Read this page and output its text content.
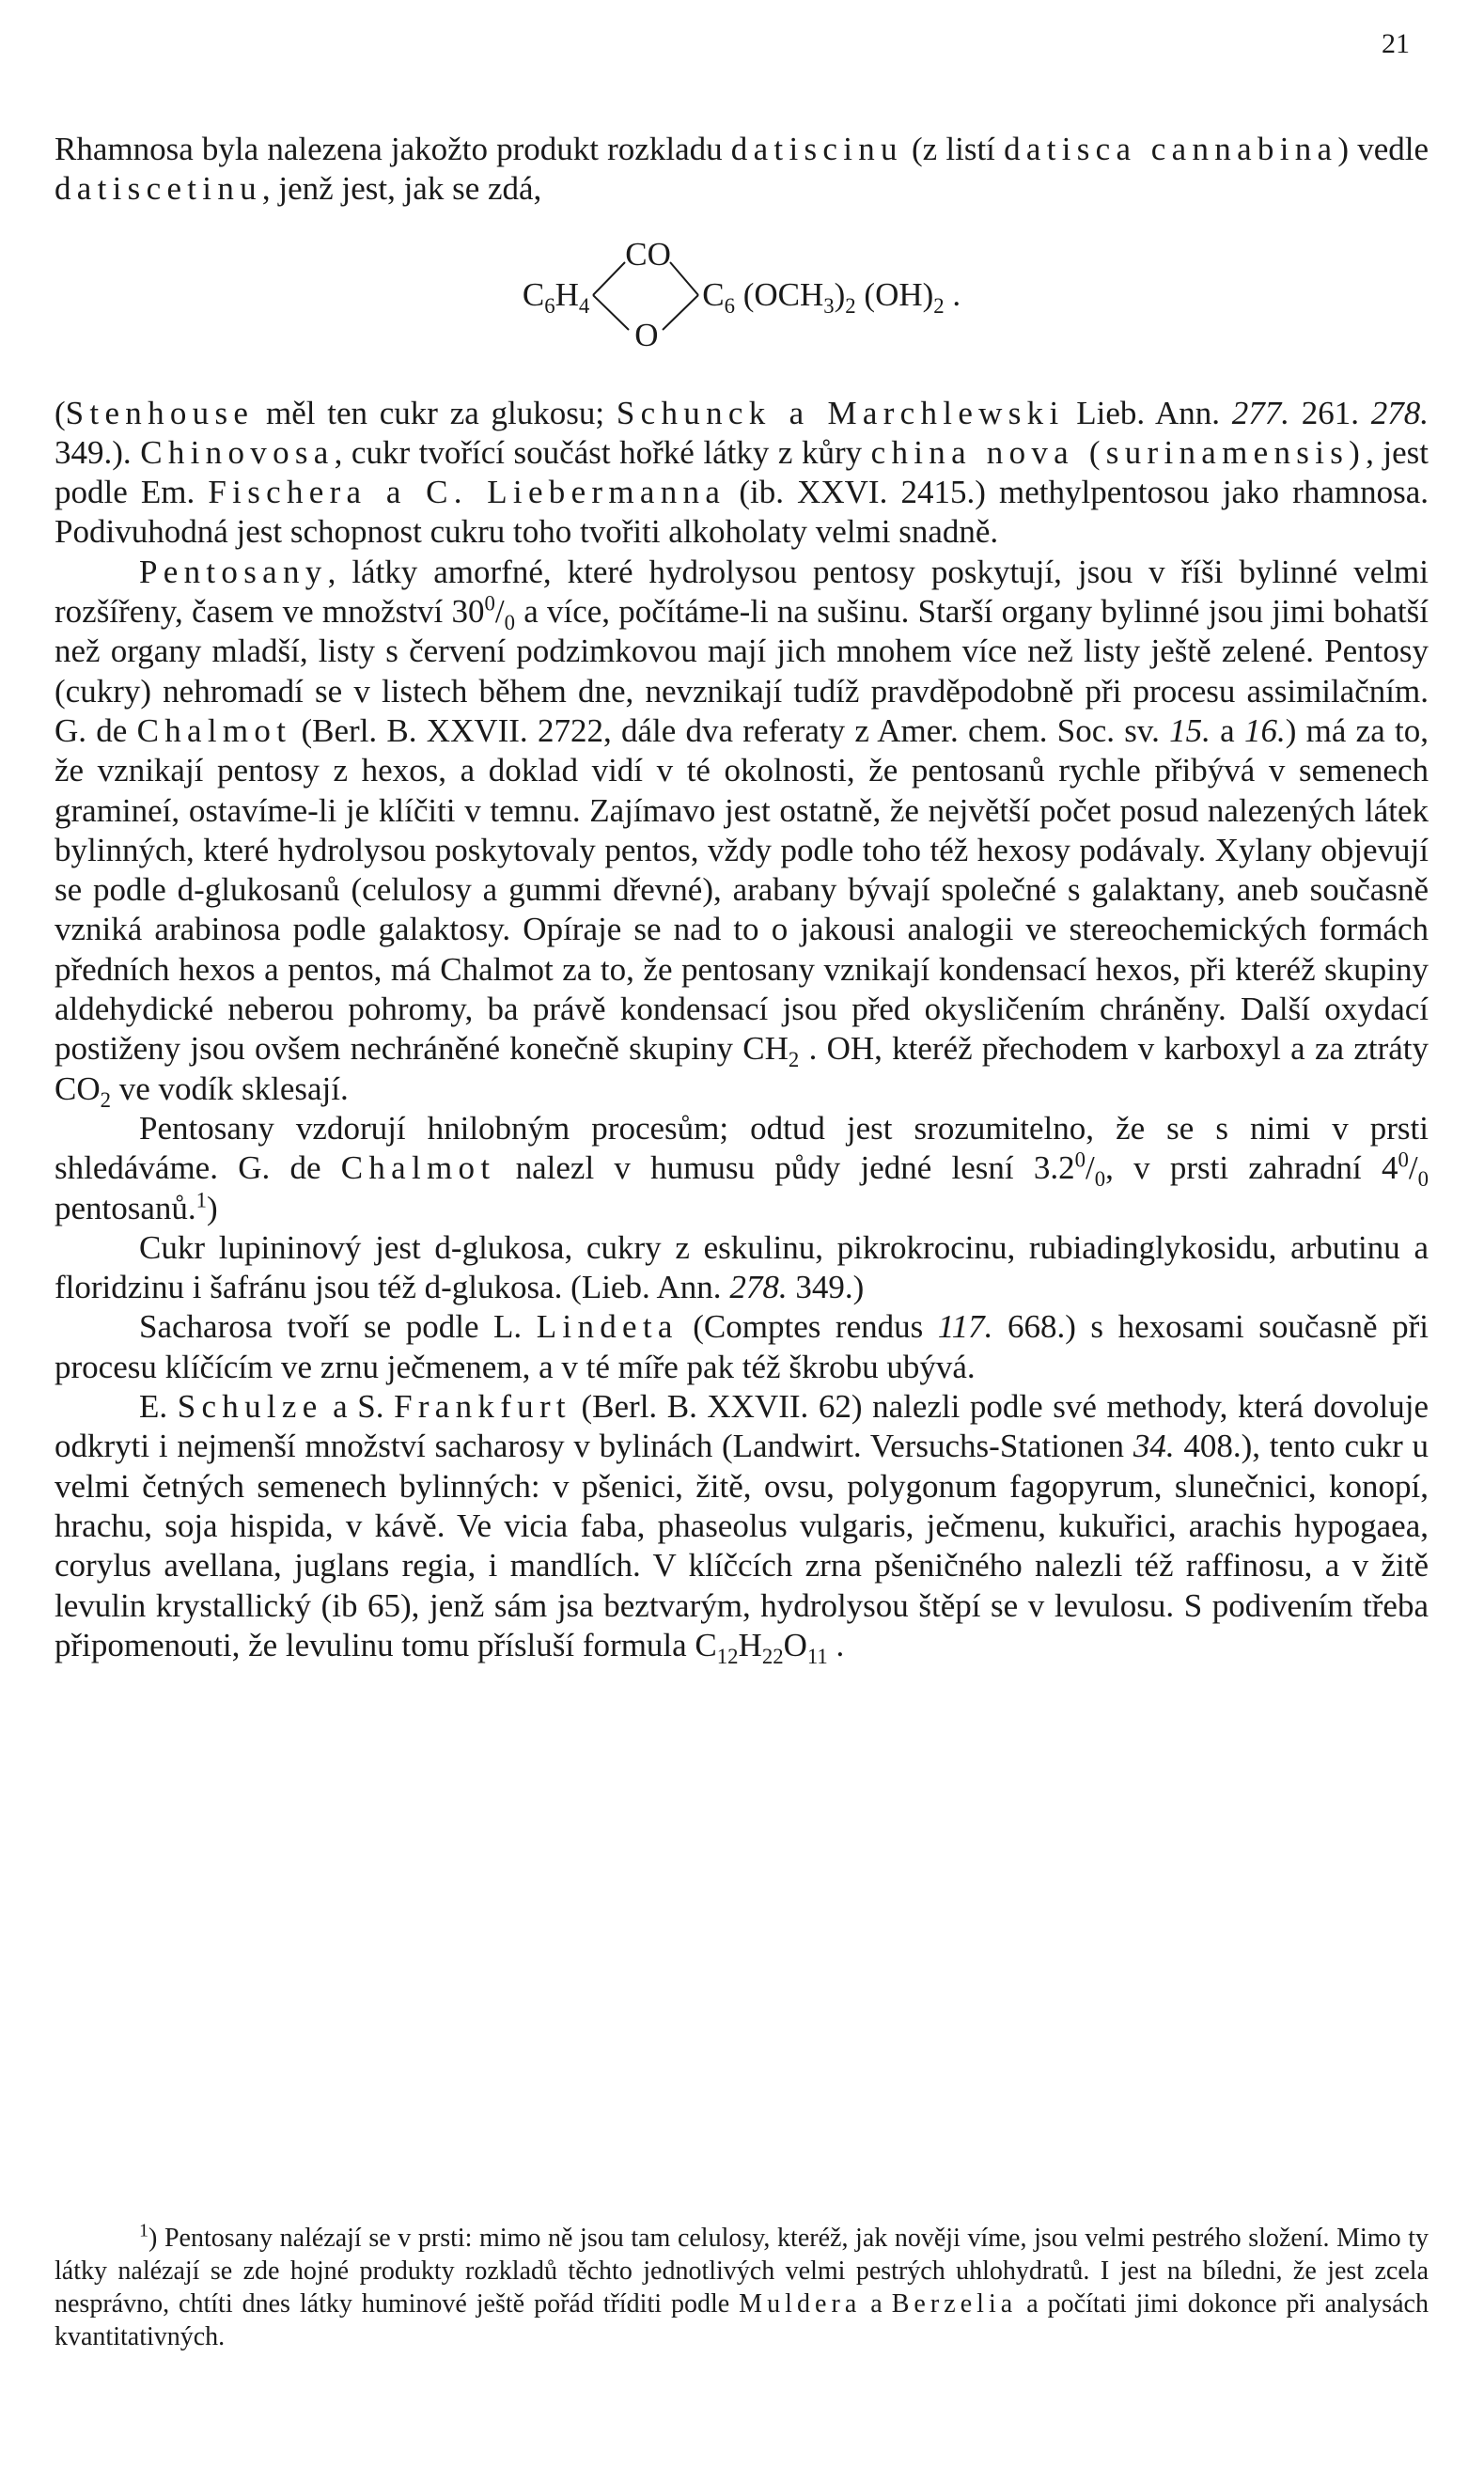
21

Rhamnosa byla nalezena jakožto produkt rozkladu datiscinu (z listí datisca cannabina) vedle datiscetinu, jenž jest, jak se zdá,

$C_6H_4$
CO
O
$C_6$ $(OCH_3)_2$ $(OH)_2$ .

(Stenhouse měl ten cukr za glukosu; Schunck a Marchlewski Lieb. Ann. 277. 261. 278. 349.). Chinovosa, cukr tvořící součást hořké látky z kůry china nova (surinamensis), jest podle Em. Fischera a C. Liebermanna (ib. XXVI. 2415.) methylpentosou jako rhamnosa. Podivuhodná jest schopnost cukru toho tvořiti alkoholaty velmi snadně.

Pentosany, látky amorfné, které hydrolysou pentosy poskytují, jsou v říši bylinné velmi rozšířeny, časem ve množství $30^0/_0$ a více, počítáme-li na sušinu. Starší organy bylinné jsou jimi bohatší než organy mladší, listy s červení podzimkovou mají jich mnohem více než listy ještě zelené. Pentosy (cukry) nehromadí se v listech během dne, nevznikají tudíž pravděpodobně při procesu assimilačním. G. de Chalmot (Berl. B. XXVII. 2722, dále dva referaty z Amer. chem. Soc. sv. 15. a 16.) má za to, že vznikají pentosy z hexos, a doklad vidí v té okolnosti, že pentosanů rychle přibývá v semenech gramineí, ostavíme-li je klíčiti v temnu. Zajímavo jest ostatně, že největší počet posud nalezených látek bylinných, které hydrolysou poskytovaly pentos, vždy podle toho též hexosy podávaly. Xylany objevují se podle d-glukosanů (celulosy a gummi dřevné), arabany bývají společné s galaktany, aneb současně vzniká arabinosa podle galaktosy. Opíraje se nad to o jakousi analogii ve stereochemických formách předních hexos a pentos, má Chalmot za to, že pentosany vznikají kondensací hexos, při kteréž skupiny aldehydické neberou pohromy, ba právě kondensací jsou před okysličením chráněny. Další oxydací postiženy jsou ovšem nechráněné konečně skupiny $CH_2$ . OH, kteréž přechodem v karboxyl a za ztráty $CO_2$ ve vodík sklesají.

Pentosany vzdorují hnilobným procesům; odtud jest srozumitelno, že se s nimi v prsti shledáváme. G. de Chalmot nalezl v humusu půdy jedné lesní $3.2^0/_0$, v prsti zahradní $4^0/_0$ pentosanů.$^1$)

Cukr lupininový jest d-glukosa, cukry z eskulinu, pikrokrocinu, rubiadinglykosidu, arbutinu a floridzinu i šafránu jsou též d-glukosa. (Lieb. Ann. 278. 349.)

Sacharosa tvoří se podle L. Lindeta (Comptes rendus 117. 668.) s hexosami současně při procesu klíčícím ve zrnu ječmenem, a v té míře pak též škrobu ubývá.

E. Schulze a S. Frankfurt (Berl. B. XXVII. 62) nalezli podle své methody, která dovoluje odkryti i nejmenší množství sacharosy v bylinách (Landwirt. Versuchs-Stationen 34. 408.), tento cukr u velmi četných semenech bylinných: v pšenici, žitě, ovsu, polygonum fagopyrum, slunečnici, konopí, hrachu, soja hispida, v kávě. Ve vicia faba, phaseolus vulgaris, ječmenu, kukuřici, arachis hypogaea, corylus avellana, juglans regia, i mandlích. V klíčcích zrna pšeničného nalezli též raffinosu, a v žitě levulin krystallický (ib 65), jenž sám jsa beztvarým, hydrolysou štěpí se v levulosu. S podivením třeba připomenouti, že levulinu tomu přísluší formula $C_{12}H_{22}O_{11}$ .

$^1$) Pentosany nalézají se v prsti: mimo ně jsou tam celulosy, kteréž, jak nověji víme, jsou velmi pestrého složení. Mimo ty látky nalézají se zde hojné produkty rozkladů těchto jednotlivých velmi pestrých uhlohydratů. I jest na bíledni, že jest zcela nesprávno, chtíti dnes látky huminové ještě pořád tříditi podle Muldera a Berzelia a počítati jimi dokonce při analysách kvantitativných.
